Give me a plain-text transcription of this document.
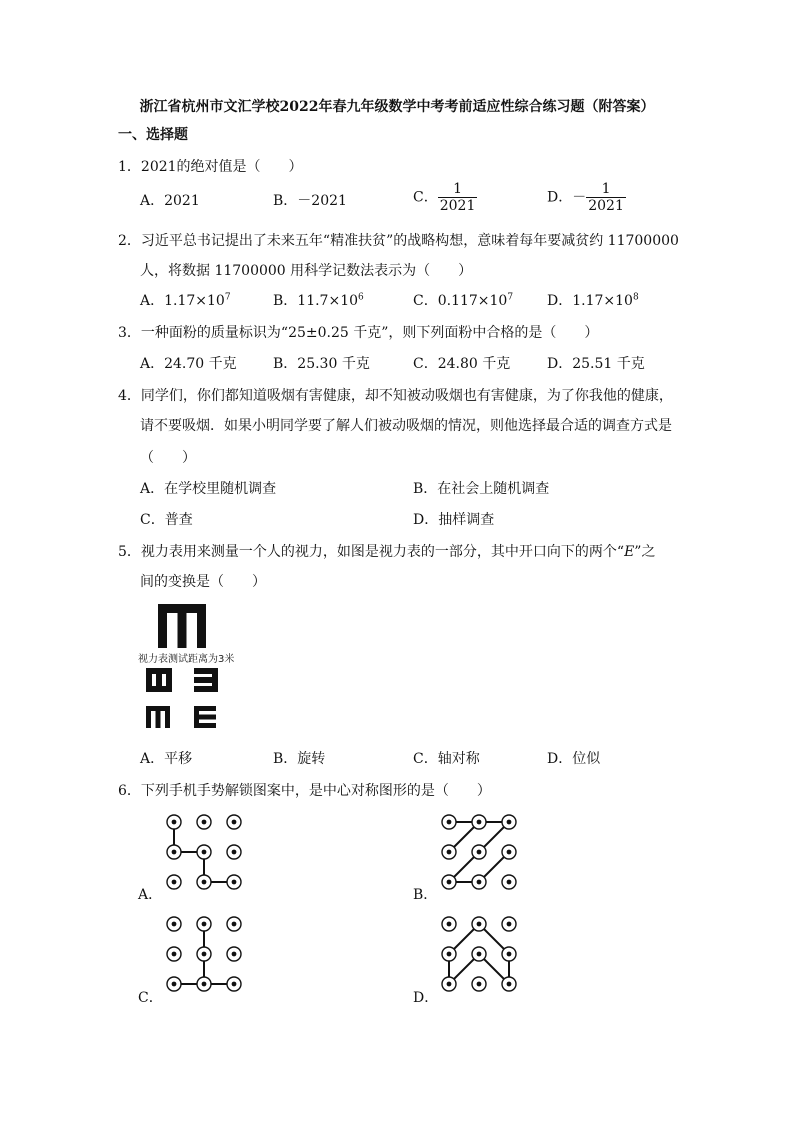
浙江省杭州市文汇学校2022年春九年级数学中考考前适应性综合练习题（附答案）
一、选择题
1．2021的绝对值是（　　）
A．2021	B．－2021	C． $\frac{1}{2021}$	D．－ $\frac{1}{2021}$
2．习近平总书记提出了未来五年“精准扶贫”的战略构想，意味着每年要减贫约 11700000
人，将数据 11700000 用科学记数法表示为（　　）
A．$1.17\times 10^7$	B．$11.7\times 10^6$	C．$0.117\times 10^7$ D．$1.17\times 10^8$
3．一种面粉的质量标识为“25±0.25 千克”，则下列面粉中合格的是（　　）
A．24.70 千克	B．25.30 千克	C．24.80 千克	D．25.51 千克
4．同学们，你们都知道吸烟有害健康，却不知被动吸烟也有害健康，为了你我他的健康，
请不要吸烟．如果小明同学要了解人们被动吸烟的情况，则他选择最合适的调查方式是
（　　）
A．在学校里随机调查	B．在社会上随机调查
C．普查	D．抽样调查
5．视力表用来测量一个人的视力，如图是视力表的一部分，其中开口向下的两个“E”之
间的变换是（　　）
视力表测试距离为3米
A．平移	B．旋转	C．轴对称	D．位似
6．下列手机手势解锁图案中，是中心对称图形的是（　　）
A．	B．
C．	D．
